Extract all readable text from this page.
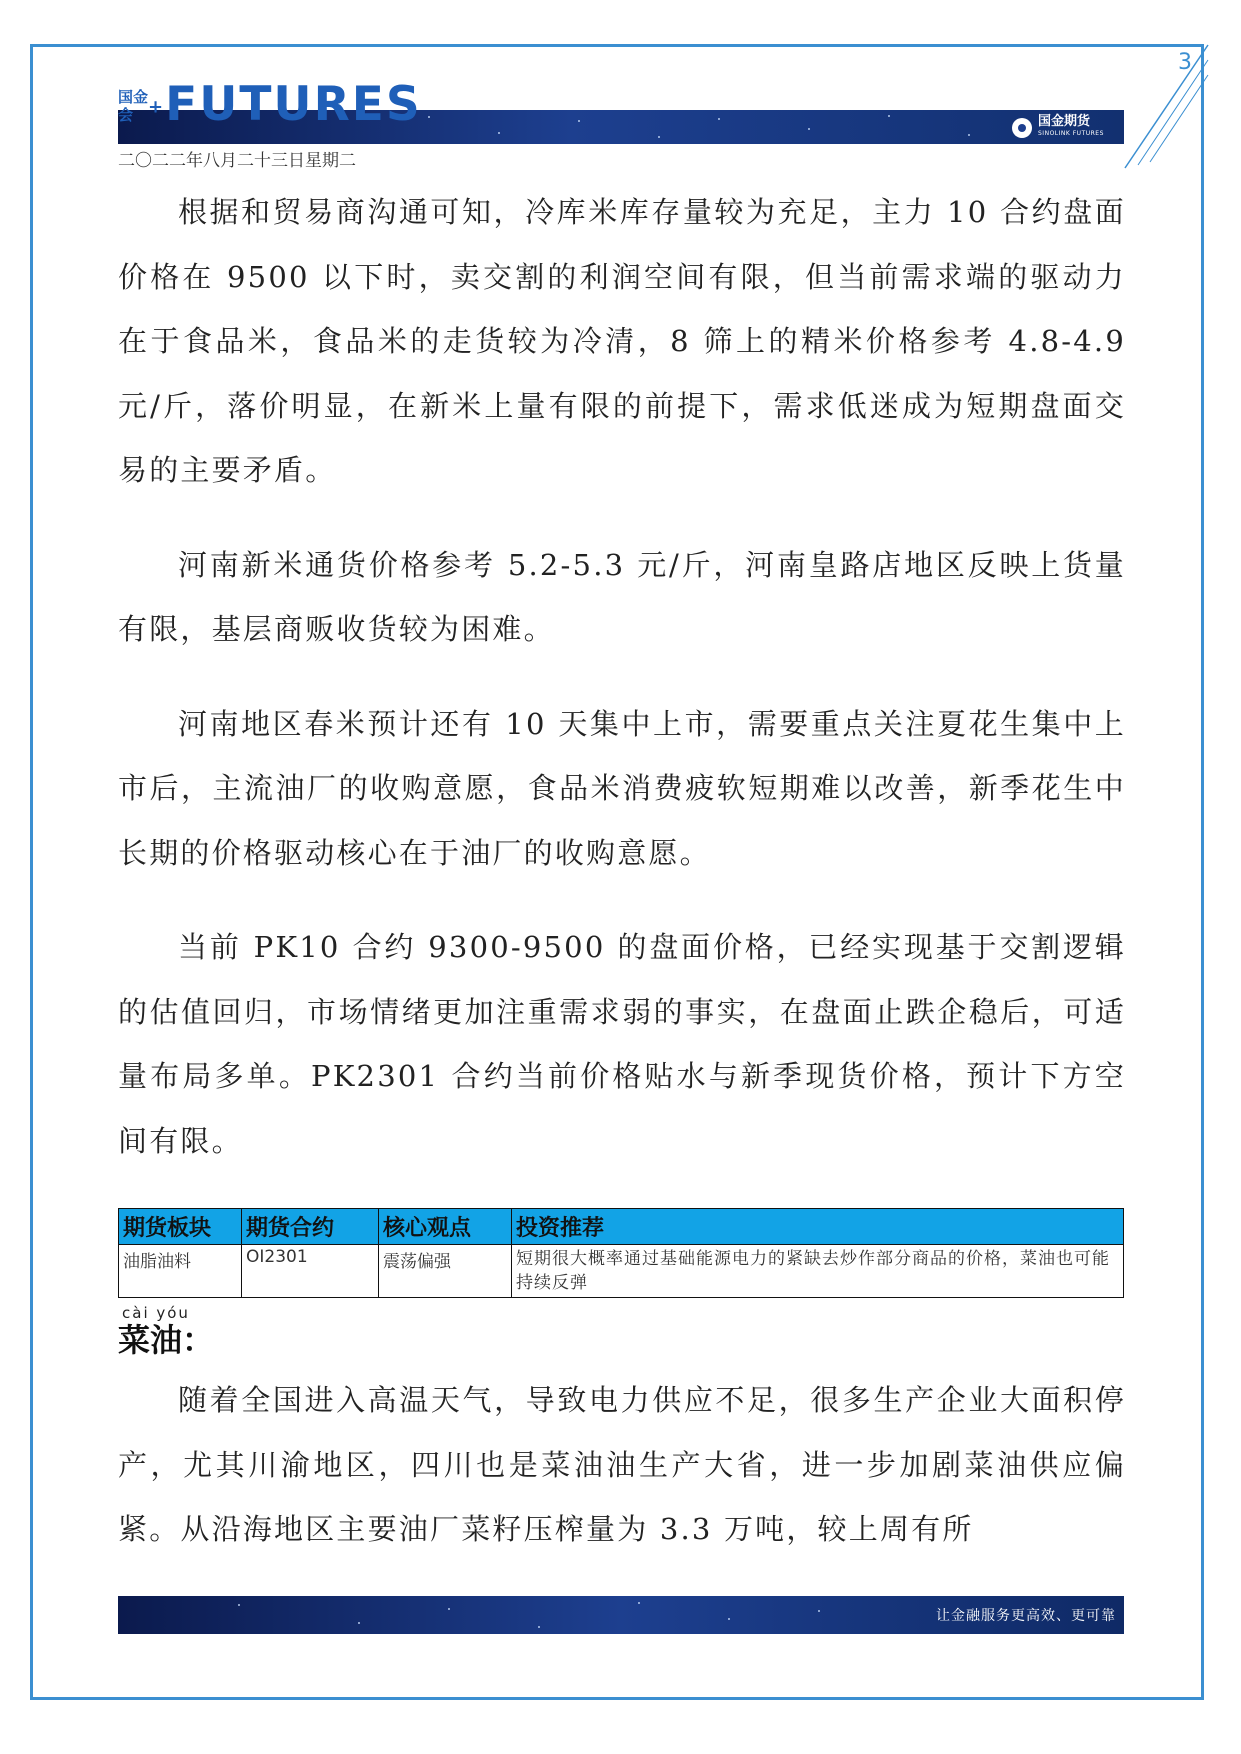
3
国金会 +FUTURES	国金期货
SINOLINK FUTURES
二〇二二年八月二十三日星期二

根据和贸易商沟通可知，冷库米库存量较为充足，主力 10 合约盘面价格在 9500 以下时，卖交割的利润空间有限，但当前需求端的驱动力在于食品米，食品米的走货较为冷清，8 筛上的精米价格参考 4.8-4.9 元/斤，落价明显，在新米上量有限的前提下，需求低迷成为短期盘面交易的主要矛盾。

河南新米通货价格参考 5.2-5.3 元/斤，河南皇路店地区反映上货量有限，基层商贩收货较为困难。

河南地区春米预计还有 10 天集中上市，需要重点关注夏花生集中上市后，主流油厂的收购意愿，食品米消费疲软短期难以改善，新季花生中长期的价格驱动核心在于油厂的收购意愿。

当前 PK10 合约 9300-9500 的盘面价格，已经实现基于交割逻辑的估值回归，市场情绪更加注重需求弱的事实，在盘面止跌企稳后，可适量布局多单。PK2301 合约当前价格贴水与新季现货价格，预计下方空间有限。

期货板块	期货合约	核心观点	投资推荐
油脂油料	OI2301	震荡偏强	短期很大概率通过基础能源电力的紧缺去炒作部分商品的价格，菜油也可能持续反弹
cài yóu
菜油：

随着全国进入高温天气，导致电力供应不足，很多生产企业大面积停产，尤其川渝地区，四川也是菜油油生产大省，进一步加剧菜油供应偏紧。从沿海地区主要油厂菜籽压榨量为 3.3 万吨，较上周有所

让金融服务更高效、更可靠
